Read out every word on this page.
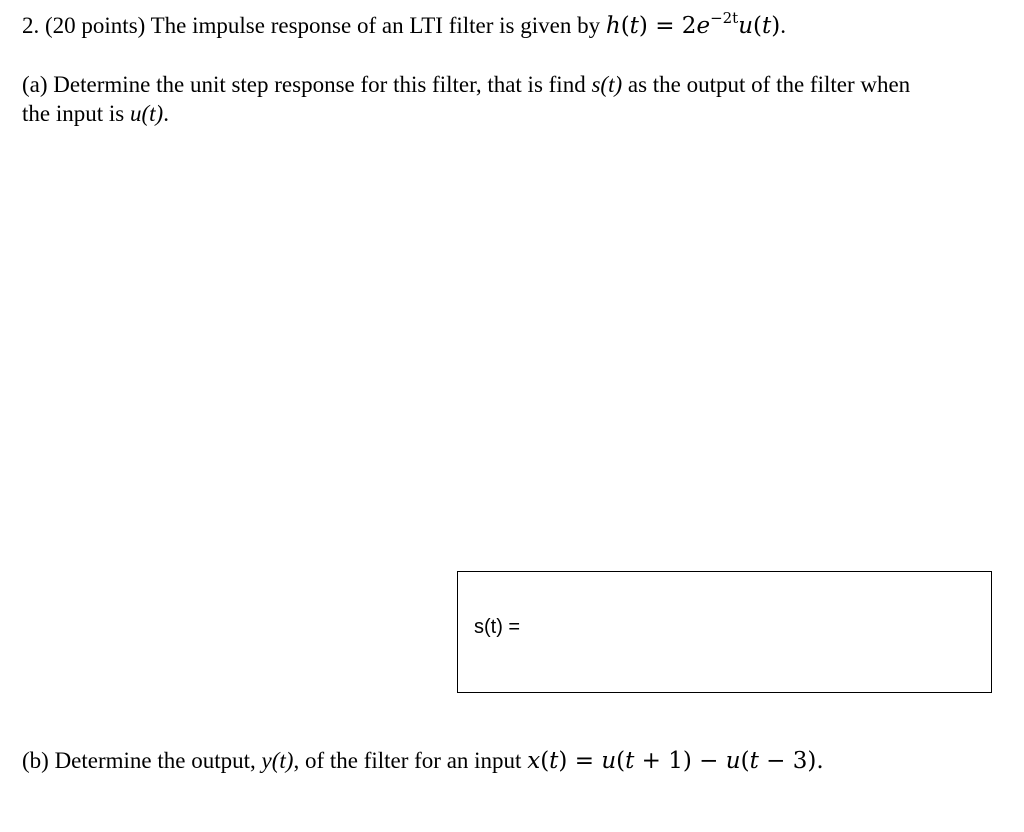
2. (20 points) The impulse response of an LTI filter is given by $h(t) = 2e^{-2t}u(t)$.
(a) Determine the unit step response for this filter, that is find s(t) as the output of the filter when
the input is u(t).
s(t) =
(b) Determine the output, y(t), of the filter for an input x(t) = u(t + 1) − u(t − 3).
